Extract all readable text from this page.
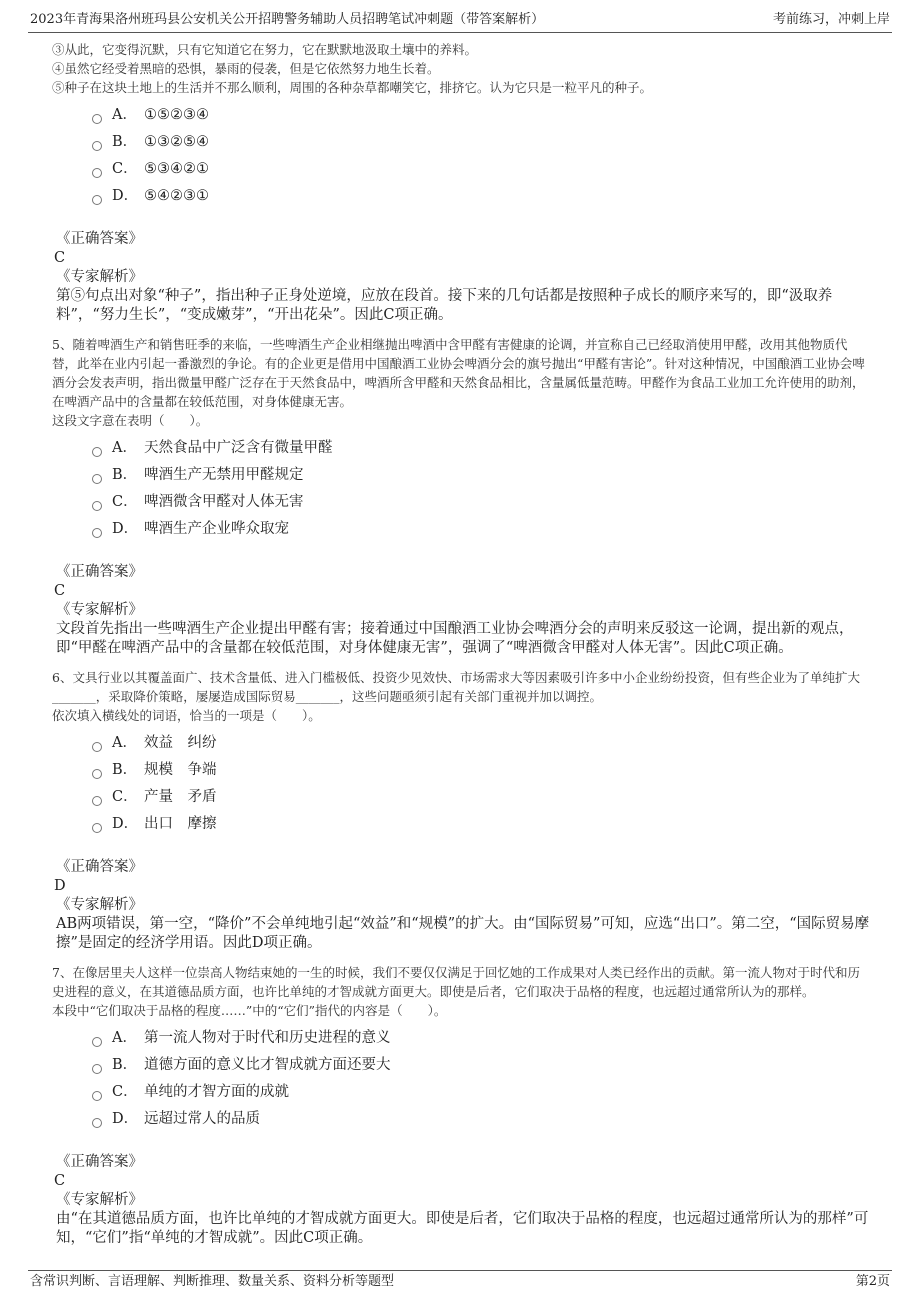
2023年青海果洛州班玛县公安机关公开招聘警务辅助人员招聘笔试冲刺题（带答案解析）	考前练习，冲刺上岸
③从此，它变得沉默，只有它知道它在努力，它在默默地汲取土壤中的养料。
④虽然它经受着黑暗的恐惧，暴雨的侵袭，但是它依然努力地生长着。
⑤种子在这块土地上的生活并不那么顺利，周围的各种杂草都嘲笑它，排挤它。认为它只是一粒平凡的种子。
A． ①⑤②③④
B． ①③②⑤④
C． ⑤③④②①
D． ⑤④②③①
《正确答案》
C
《专家解析》
第⑤句点出对象“种子”，指出种子正身处逆境，应放在段首。接下来的几句话都是按照种子成长的顺序来写的，即“汲取养料”，“努力生长”，“变成嫩芽”，“开出花朵”。因此C项正确。
5、随着啤酒生产和销售旺季的来临，一些啤酒生产企业相继抛出啤酒中含甲醛有害健康的论调，并宣称自己已经取消使用甲醛，改用其他物质代替，此举在业内引起一番激烈的争论。有的企业更是借用中国酿酒工业协会啤酒分会的旗号抛出“甲醛有害论”。针对这种情况，中国酿酒工业协会啤酒分会发表声明，指出微量甲醛广泛存在于天然食品中，啤酒所含甲醛和天然食品相比，含量属低量范畴。甲醛作为食品工业加工允许使用的助剂，在啤酒产品中的含量都在较低范围，对身体健康无害。
这段文字意在表明（　　）。
A． 天然食品中广泛含有微量甲醛
B． 啤酒生产无禁用甲醛规定
C． 啤酒微含甲醛对人体无害
D． 啤酒生产企业哗众取宠
《正确答案》
C
《专家解析》
文段首先指出一些啤酒生产企业提出甲醛有害；接着通过中国酿酒工业协会啤酒分会的声明来反驳这一论调，提出新的观点，即“甲醛在啤酒产品中的含量都在较低范围，对身体健康无害”，强调了“啤酒微含甲醛对人体无害”。因此C项正确。
6、文具行业以其覆盖面广、技术含量低、进入门槛极低、投资少见效快、市场需求大等因素吸引许多中小企业纷纷投资，但有些企业为了单纯扩大_______，采取降价策略，屡屡造成国际贸易_______，这些问题亟须引起有关部门重视并加以调控。
依次填入横线处的词语，恰当的一项是（　　）。
A． 效益　纠纷
B． 规模　争端
C． 产量　矛盾
D． 出口　摩擦
《正确答案》
D
《专家解析》
AB两项错误，第一空，“降价”不会单纯地引起“效益”和“规模”的扩大。由“国际贸易”可知，应选“出口”。第二空，“国际贸易摩擦”是固定的经济学用语。因此D项正确。
7、在像居里夫人这样一位崇高人物结束她的一生的时候，我们不要仅仅满足于回忆她的工作成果对人类已经作出的贡献。第一流人物对于时代和历史进程的意义，在其道德品质方面，也许比单纯的才智成就方面更大。即使是后者，它们取决于品格的程度，也远超过通常所认为的那样。
本段中“它们取决于品格的程度……”中的“它们”指代的内容是（　　）。
A． 第一流人物对于时代和历史进程的意义
B． 道德方面的意义比才智成就方面还要大
C． 单纯的才智方面的成就
D． 远超过常人的品质
《正确答案》
C
《专家解析》
由“在其道德品质方面，也许比单纯的才智成就方面更大。即使是后者，它们取决于品格的程度，也远超过通常所认为的那样”可知，“它们”指“单纯的才智成就”。因此C项正确。
含常识判断、言语理解、判断推理、数量关系、资料分析等题型	第2页
